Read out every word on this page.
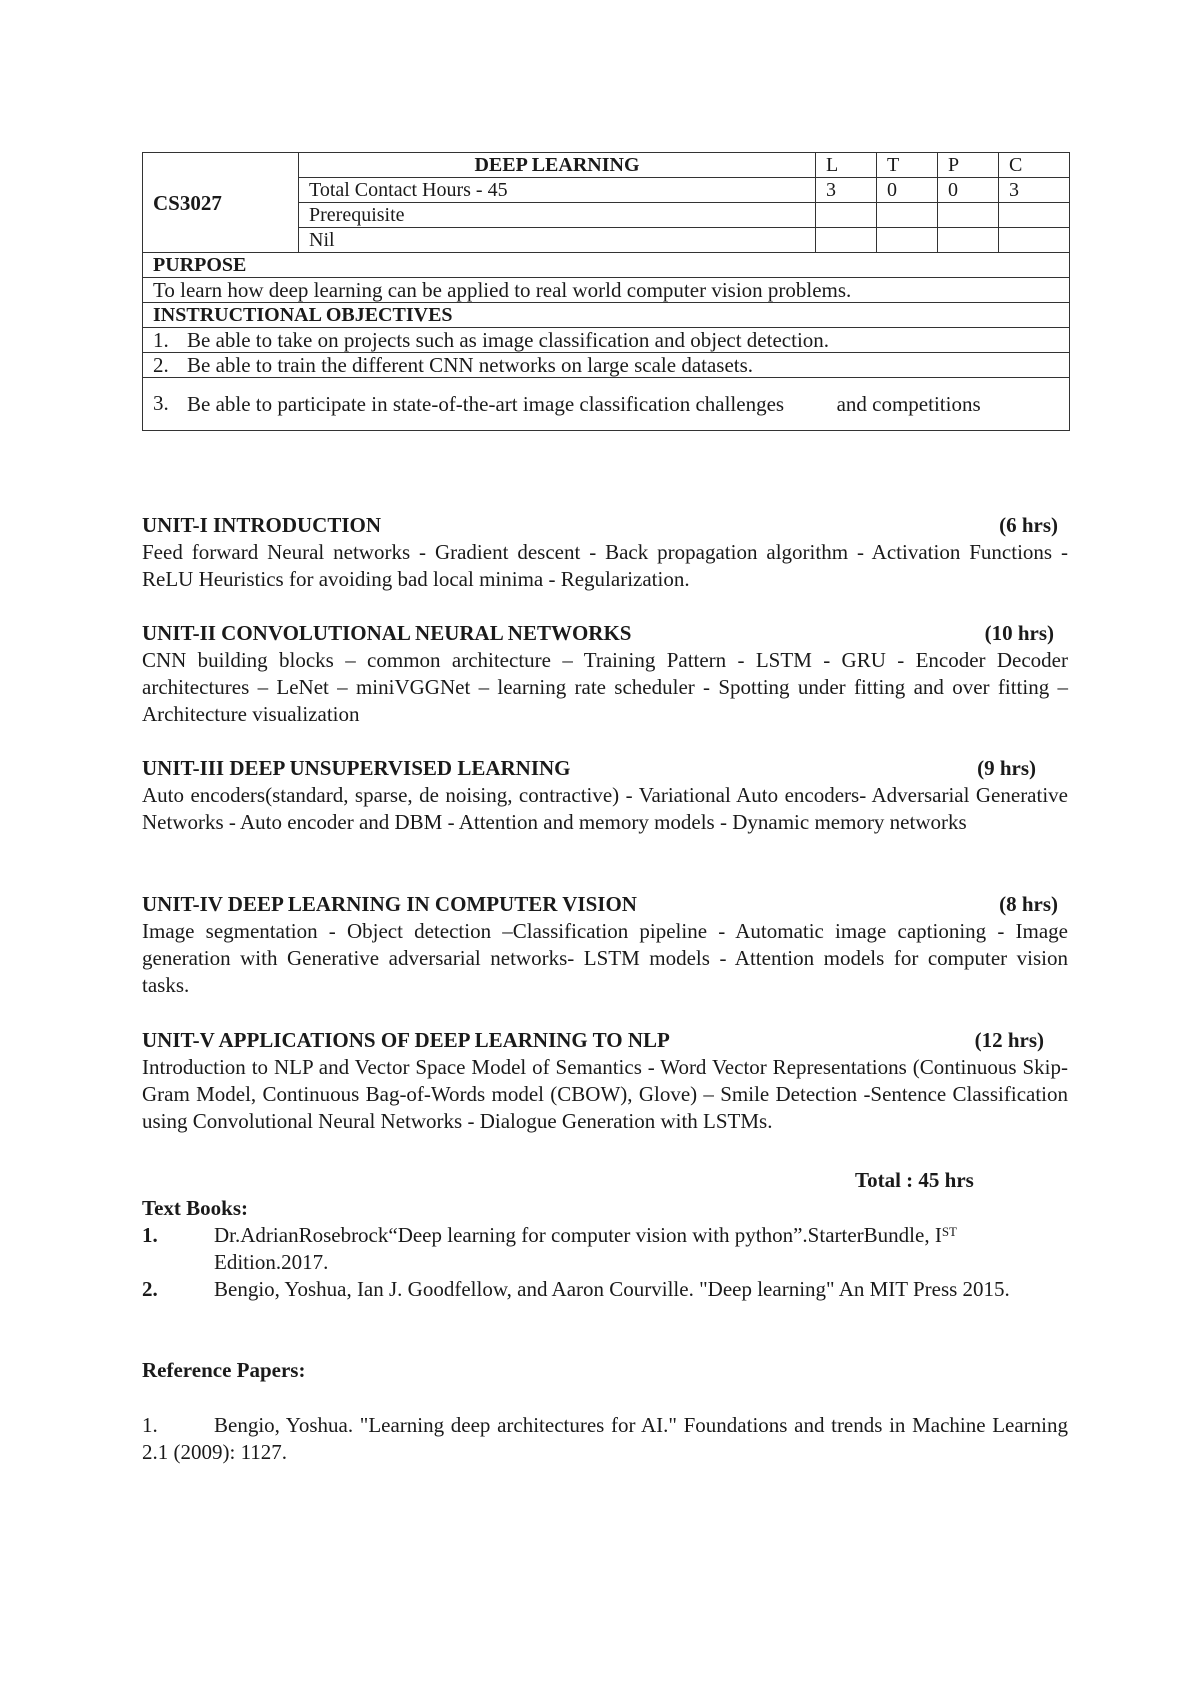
CS3027	DEEP LEARNING	L	T	P	C
	Total Contact Hours - 45	3	0	0	3
	Prerequisite				
	Nil				
PURPOSE					
To learn how deep learning can be applied to real world computer vision problems.					
INSTRUCTIONAL OBJECTIVES					
1. Be able to take on projects such as image classification and object detection.					
2. Be able to train the different CNN networks on large scale datasets.					

3. Be able to participate in state-of-the-art image classification challenges          and competitions					
UNIT-I INTRODUCTION	(6 hrs)
Feed forward Neural networks - Gradient descent - Back propagation algorithm - Activation Functions - ReLU Heuristics for avoiding bad local minima - Regularization.
UNIT-II CONVOLUTIONAL NEURAL NETWORKS	(10 hrs)
CNN building blocks – common architecture – Training Pattern - LSTM - GRU - Encoder Decoder architectures – LeNet – miniVGGNet – learning rate scheduler - Spotting under fitting and over fitting – Architecture visualization
UNIT-III DEEP UNSUPERVISED LEARNING	(9 hrs)
Auto encoders(standard, sparse, de noising, contractive) - Variational Auto encoders- Adversarial Generative Networks - Auto encoder and DBM - Attention and memory models - Dynamic memory networks
UNIT-IV DEEP LEARNING IN COMPUTER VISION	(8 hrs)
Image segmentation - Object detection –Classification pipeline - Automatic image captioning - Image generation with Generative adversarial networks- LSTM models - Attention models for computer vision tasks.
UNIT-V APPLICATIONS OF DEEP LEARNING TO NLP	(12 hrs)
Introduction to NLP and Vector Space Model of Semantics - Word Vector Representations (Continuous Skip-Gram Model, Continuous Bag-of-Words model (CBOW), Glove) – Smile Detection -Sentence Classification using Convolutional Neural Networks - Dialogue Generation with LSTMs.
Total : 45 hrs
Text Books:
1.	Dr.AdrianRosebrock“Deep learning for computer vision with python”.StarterBundle, IST Edition.2017.
2.	Bengio, Yoshua, Ian J. Goodfellow, and Aaron Courville. "Deep learning" An MIT Press 2015.
Reference Papers:
1.	Bengio, Yoshua. "Learning deep architectures for AI." Foundations and trends in Machine Learning 2.1 (2009): 1127.
